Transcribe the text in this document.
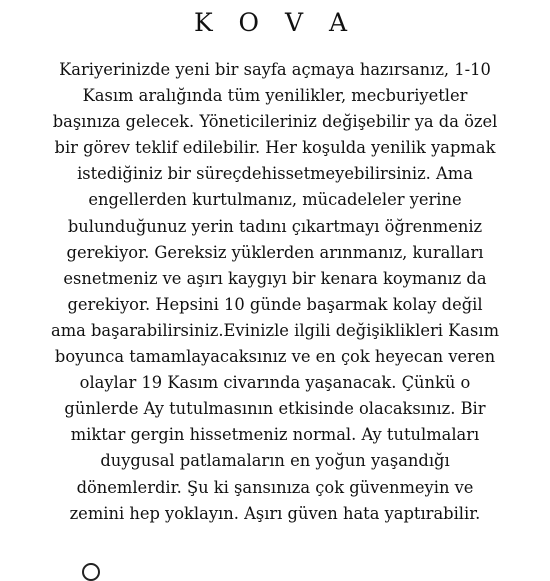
K O V A

Kariyerinizde yeni bir sayfa açmaya hazırsanız, 1-10
Kasım aralığında tüm yenilikler, mecburiyetler
başınıza gelecek. Yöneticileriniz değişebilir ya da özel
bir görev teklif edilebilir. Her koşulda yenilik yapmak
istediğiniz bir süreçdehissetmeyebilirsiniz. Ama
engellerden kurtulmanız, mücadeleler yerine
bulunduğunuz yerin tadını çıkartmayı öğrenmeniz
gerekiyor. Gereksiz yüklerden arınmanız, kuralları
esnetmeniz ve aşırı kaygıyı bir kenara koymanız da
gerekiyor. Hepsini 10 günde başarmak kolay değil
ama başarabilirsiniz.Evinizle ilgili değişiklikleri Kasım
boyunca tamamlayacaksınız ve en çok heyecan veren
olaylar 19 Kasım civarında yaşanacak. Çünkü o
günlerde Ay tutulmasının etkisinde olacaksınız. Bir
miktar gergin hissetmeniz normal. Ay tutulmaları
duygusal patlamaların en yoğun yaşandığı
dönemlerdir. Şu ki şansınıza çok güvenmeyin ve
zemini hep yoklayın. Aşırı güven hata yaptırabilir.
